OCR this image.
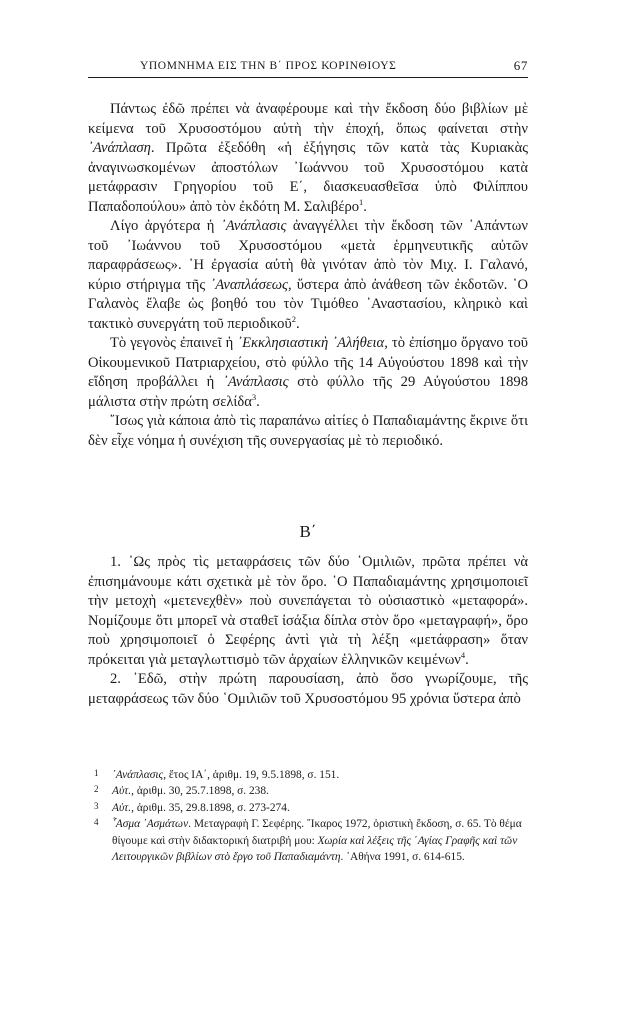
ΥΠΟΜΝΗΜΑ ΕΙΣ ΤΗΝ Β΄ ΠΡΟΣ ΚΟΡΙΝΘΙΟΥΣ	67

Πάντως ἐδῶ πρέπει νὰ ἀναφέρουμε καὶ τὴν ἔκδοση δύο βιβλίων μὲ κείμενα τοῦ Χρυσοστόμου αὐτὴ τὴν ἐποχή, ὅπως φαίνεται στὴν ᾿Ανάπλαση. Πρῶτα ἐξεδόθη «ἡ ἐξήγησις τῶν κατὰ τὰς Κυριακὰς ἀναγινωσκομένων ἀποστόλων ᾿Ιωάννου τοῦ Χρυσοστόμου κατὰ μετάφρασιν Γρηγορίου τοῦ Ε΄, διασκευασθεῖσα ὑπὸ Φιλίππου Παπαδοπούλου» ἀπὸ τὸν ἐκδότη Μ. Σαλιβέρο$^1$.

Λίγο ἀργότερα ἡ ᾿Ανάπλασις ἀναγγέλλει τὴν ἔκδοση τῶν ῾Απάντων τοῦ ᾿Ιωάννου τοῦ Χρυσοστόμου «μετὰ ἑρμηνευτικῆς αὐτῶν παραφράσεως». ῾Η ἐργασία αὐτὴ θὰ γινόταν ἀπὸ τὸν Μιχ. Ι. Γαλανό, κύριο στήριγμα τῆς ᾿Αναπλάσεως, ὕστερα ἀπὸ ἀνάθεση τῶν ἐκδοτῶν. ῾Ο Γαλανὸς ἔλαβε ὡς βοηθό του τὸν Τιμόθεο ᾿Αναστασίου, κληρικὸ καὶ τακτικὸ συνεργάτη τοῦ περιοδικοῦ$^2$.

Τὸ γεγονὸς ἐπαινεῖ ἡ ᾿Εκκλησιαστικὴ ᾿Αλήθεια, τὸ ἐπίσημο ὄργανο τοῦ Οἰκουμενικοῦ Πατριαρχείου, στὸ φύλλο τῆς 14 Αὐγούστου 1898 καὶ τὴν εἴδηση προβάλλει ἡ ᾿Ανάπλασις στὸ φύλλο τῆς 29 Αὐγούστου 1898 μάλιστα στὴν πρώτη σελίδα$^3$.

῎Ισως γιὰ κάποια ἀπὸ τὶς παραπάνω αἰτίες ὁ Παπαδιαμάντης ἔκρινε ὅτι δὲν εἶχε νόημα ἡ συνέχιση τῆς συνεργασίας μὲ τὸ περιοδικό.

Β΄

1. ῾Ως πρὸς τὶς μεταφράσεις τῶν δύο ῾Ομιλιῶν, πρῶτα πρέπει νὰ ἐπισημάνουμε κάτι σχετικὰ μὲ τὸν ὅρο. ῾Ο Παπαδιαμάντης χρησιμοποιεῖ τὴν μετοχὴ «μετενεχθὲν» ποὺ συνεπάγεται τὸ οὐσιαστικὸ «μεταφορά». Νομίζουμε ὅτι μπορεῖ νὰ σταθεῖ ἰσάξια δίπλα στὸν ὅρο «μεταγραφή», ὅρο ποὺ χρησιμοποιεῖ ὁ Σεφέρης ἀντὶ γιὰ τὴ λέξη «μετάφραση» ὅταν πρόκειται γιὰ μεταγλωττισμὸ τῶν ἀρχαίων ἑλληνικῶν κειμένων$^4$.

2. ᾿Εδῶ, στὴν πρώτη παρουσίαση, ἀπὸ ὅσο γνωρίζουμε, τῆς μεταφράσεως τῶν δύο ῾Ομιλιῶν τοῦ Χρυσοστόμου 95 χρόνια ὕστερα ἀπὸ

1 ᾿Ανάπλασις, ἔτος ΙΑ΄, ἀριθμ. 19, 9.5.1898, σ. 151.
2 Αὐτ., ἀριθμ. 30, 25.7.1898, σ. 238.
3 Αὐτ., ἀριθμ. 35, 29.8.1898, σ. 273-274.
4 ῏Ασμα ᾿Ασμάτων. Μεταγραφὴ Γ. Σεφέρης. ῎Ικαρος 1972, ὁριστικὴ ἔκδοση, σ. 65. Τὸ θέμα θίγουμε καὶ στὴν διδακτορική διατριβή μου: Χωρία καὶ λέξεις τῆς ῾Αγίας Γραφῆς καὶ τῶν Λειτουργικῶν βιβλίων στὸ ἔργο τοῦ Παπαδιαμάντη. ᾿Αθήνα 1991, σ. 614-615.
